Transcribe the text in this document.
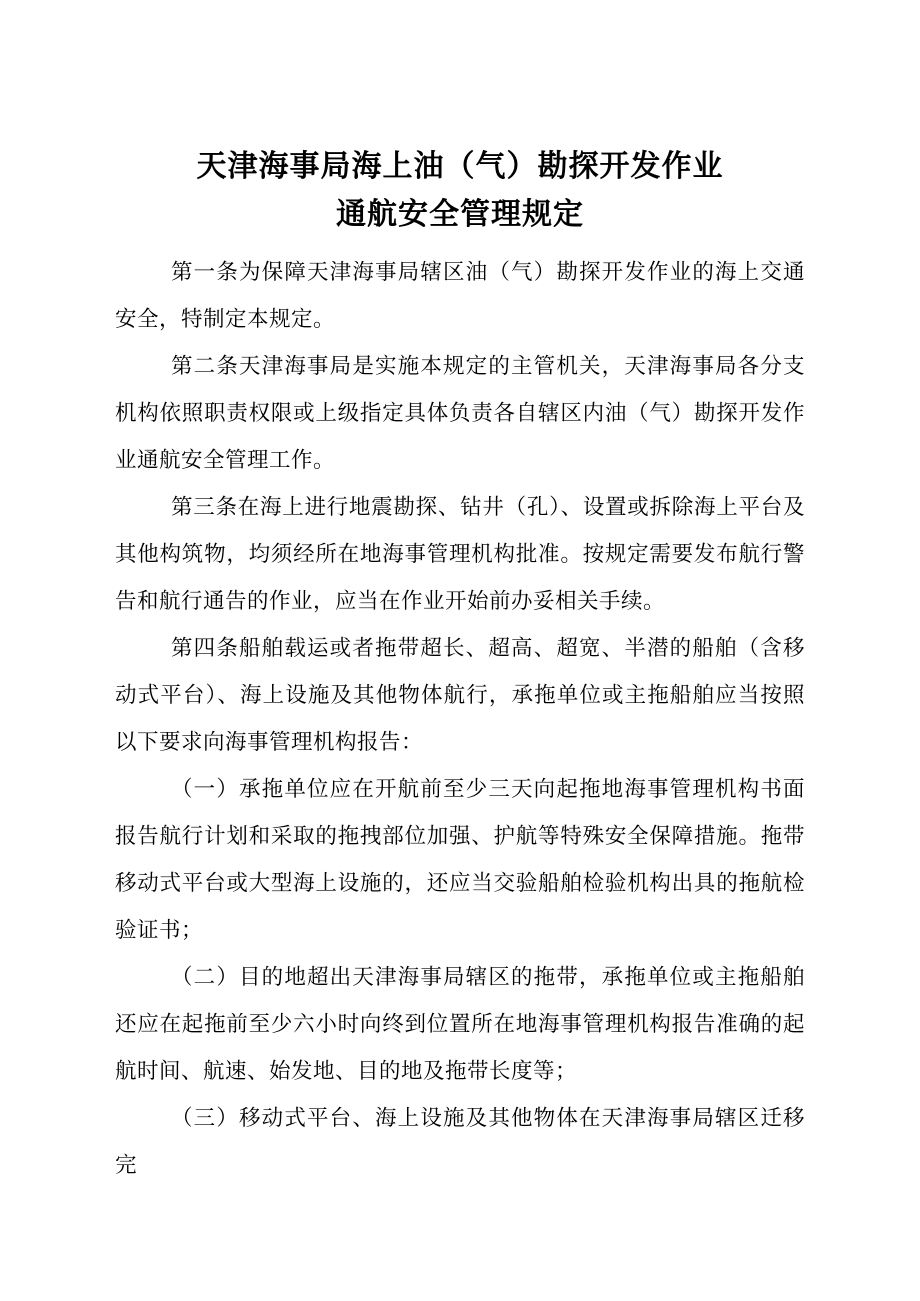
天津海事局海上油（气）勘探开发作业
通航安全管理规定

第一条为保障天津海事局辖区油（气）勘探开发作业的海上交通安全，特制定本规定。

第二条天津海事局是实施本规定的主管机关，天津海事局各分支机构依照职责权限或上级指定具体负责各自辖区内油（气）勘探开发作业通航安全管理工作。

第三条在海上进行地震勘探、钻井（孔）、设置或拆除海上平台及其他构筑物，均须经所在地海事管理机构批准。按规定需要发布航行警告和航行通告的作业，应当在作业开始前办妥相关手续。

第四条船舶载运或者拖带超长、超高、超宽、半潜的船舶（含移动式平台）、海上设施及其他物体航行，承拖单位或主拖船舶应当按照以下要求向海事管理机构报告：

（一）承拖单位应在开航前至少三天向起拖地海事管理机构书面报告航行计划和采取的拖拽部位加强、护航等特殊安全保障措施。拖带移动式平台或大型海上设施的，还应当交验船舶检验机构出具的拖航检验证书；

（二）目的地超出天津海事局辖区的拖带，承拖单位或主拖船舶还应在起拖前至少六小时向终到位置所在地海事管理机构报告准确的起航时间、航速、始发地、目的地及拖带长度等；

（三）移动式平台、海上设施及其他物体在天津海事局辖区迁移完
